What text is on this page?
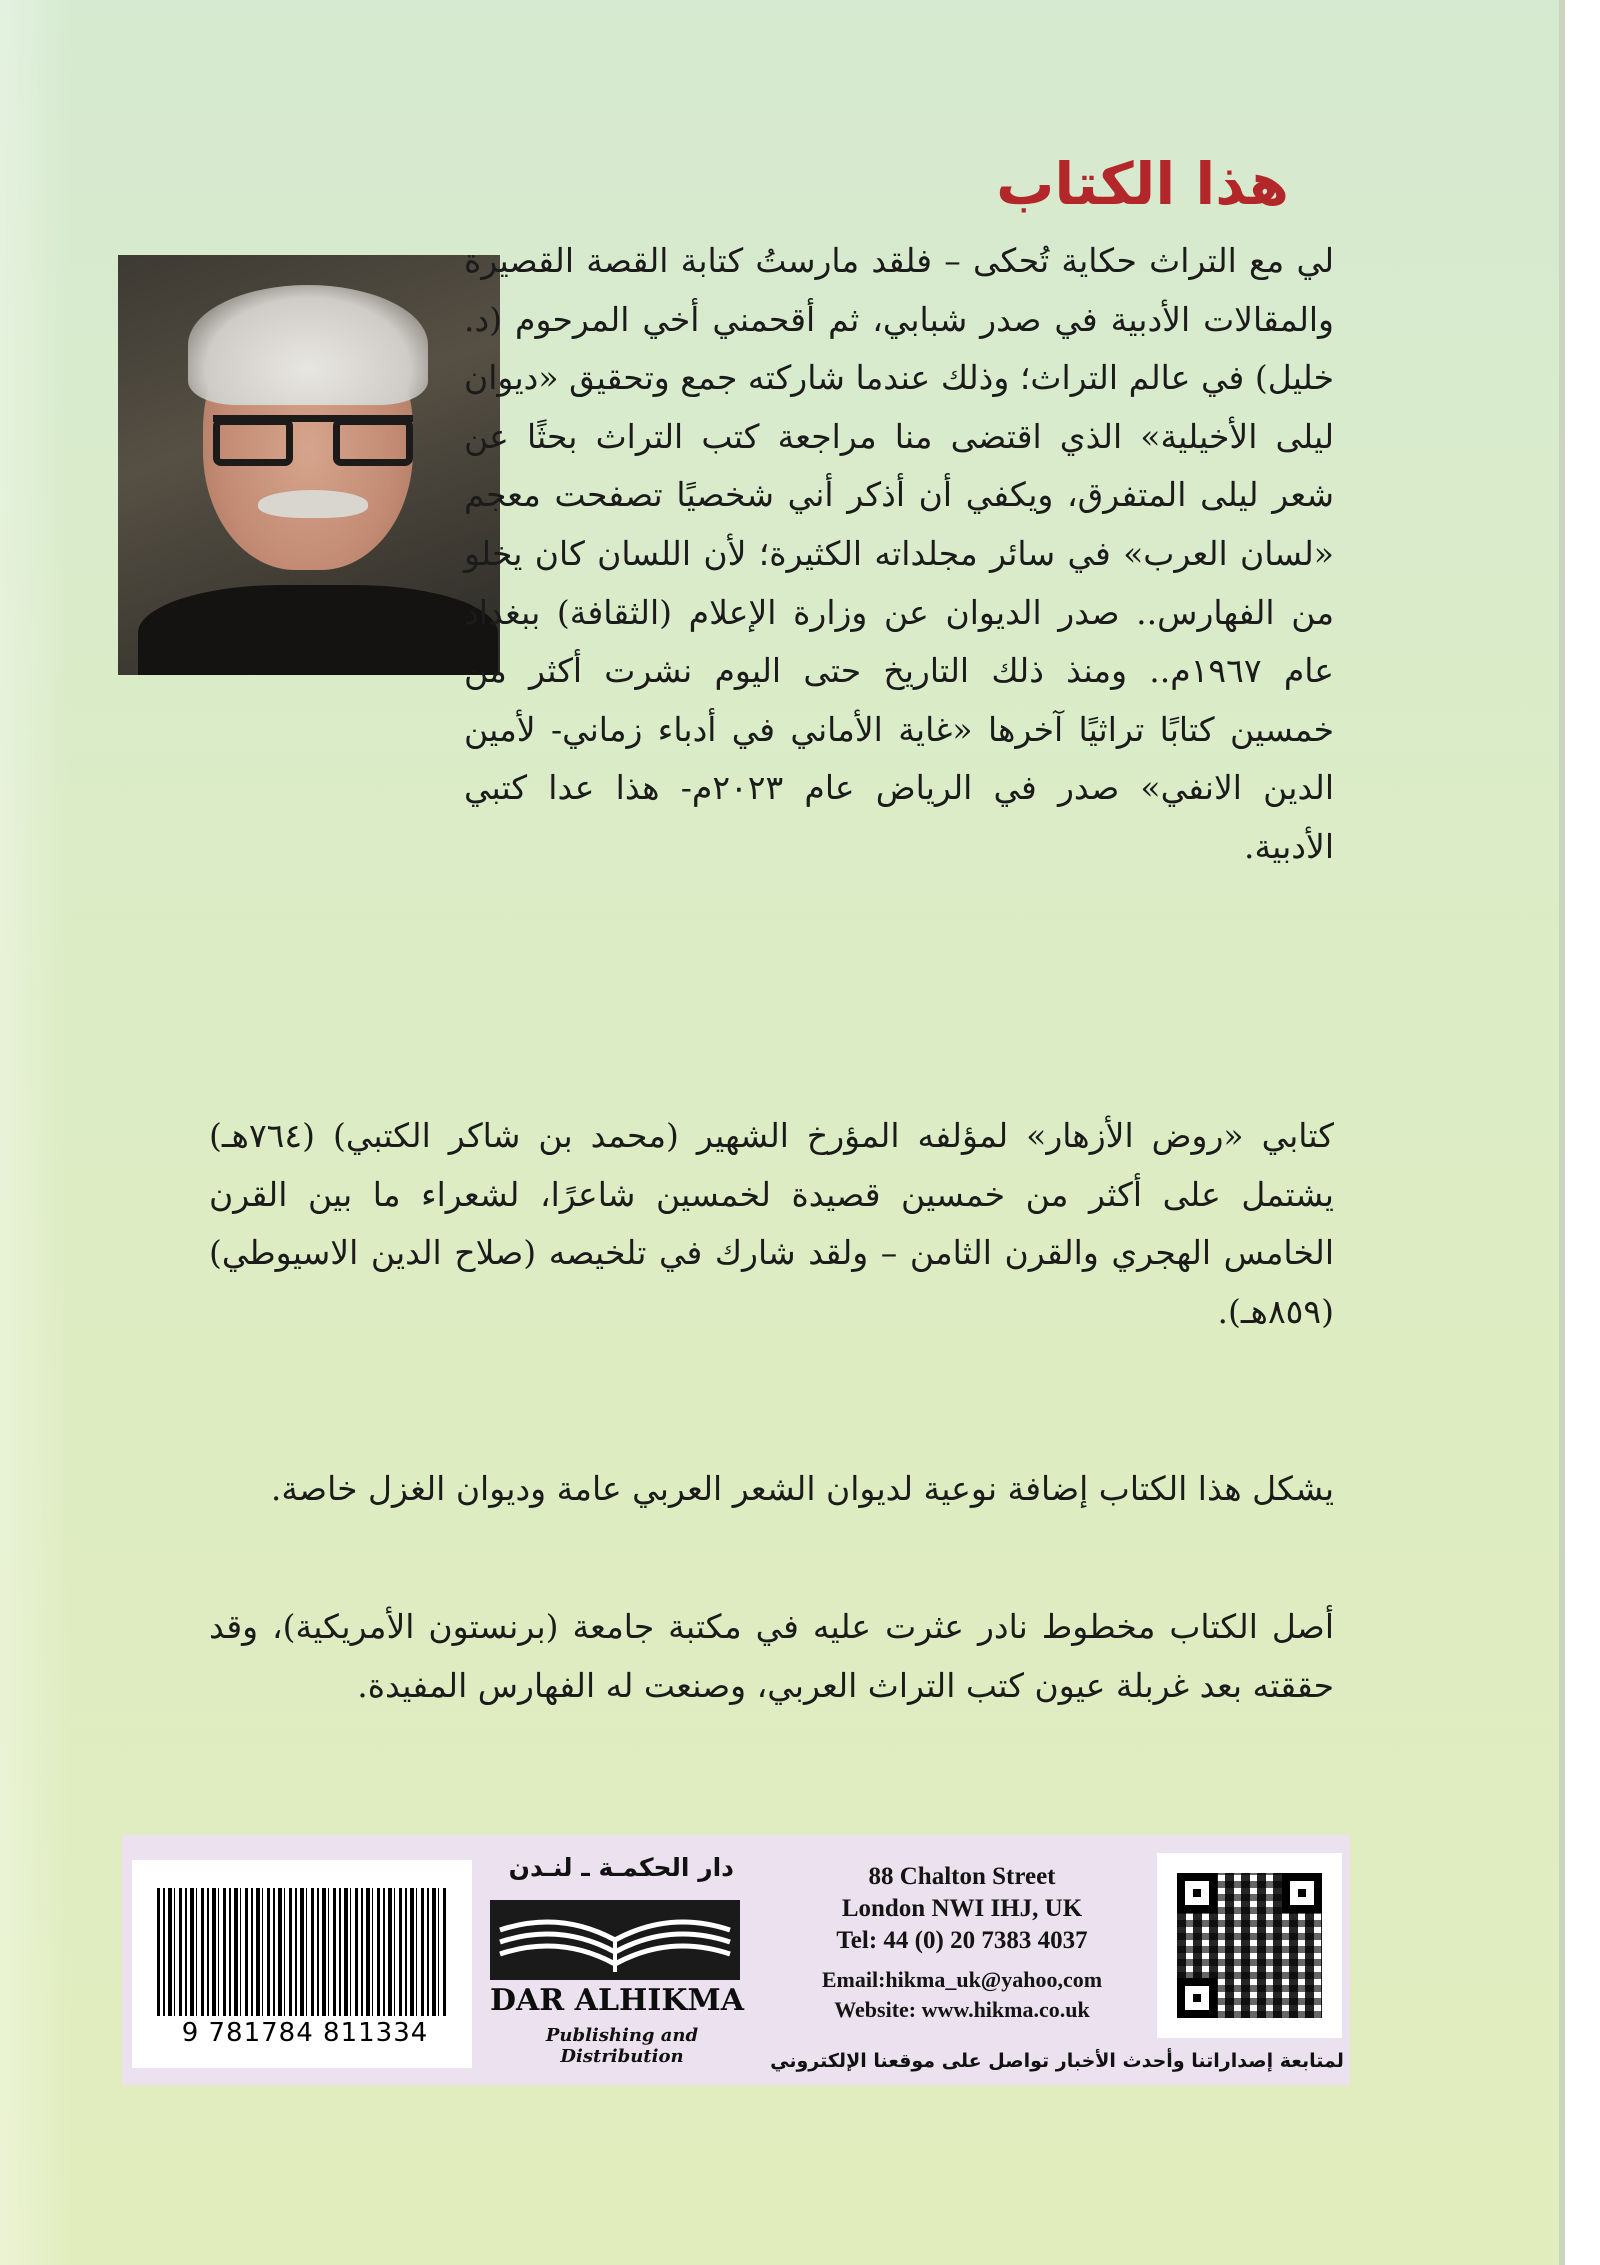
هذا الكتاب

لي مع التراث حكاية تُحكى – فلقد مارستُ كتابة القصة القصيرة والمقالات الأدبية في صدر شبابي، ثم أقحمني أخي المرحوم (د. خليل) في عالم التراث؛ وذلك عندما شاركته جمع وتحقيق «ديوان ليلى الأخيلية» الذي اقتضى منا مراجعة كتب التراث بحثًا عن شعر ليلى المتفرق، ويكفي أن أذكر أني شخصيًا تصفحت معجم «لسان العرب» في سائر مجلداته الكثيرة؛ لأن اللسان كان يخلو من الفهارس.. صدر الديوان عن وزارة الإعلام (الثقافة) ببغداد عام ١٩٦٧م.. ومنذ ذلك التاريخ حتى اليوم نشرت أكثر من خمسين كتابًا تراثيًا آخرها «غاية الأماني في أدباء زماني- لأمين الدين الانفي» صدر في الرياض عام ٢٠٢٣م- هذا عدا كتبي الأدبية.

كتابي «روض الأزهار» لمؤلفه المؤرخ الشهير (محمد بن شاكر الكتبي) (٧٦٤هـ) يشتمل على أكثر من خمسين قصيدة لخمسين شاعرًا، لشعراء ما بين القرن الخامس الهجري والقرن الثامن – ولقد شارك في تلخيصه (صلاح الدين الاسيوطي) (٨٥٩هـ).

يشكل هذا الكتاب إضافة نوعية لديوان الشعر العربي عامة وديوان الغزل خاصة.

أصل الكتاب مخطوط نادر عثرت عليه في مكتبة جامعة (برنستون الأمريكية)، وقد حققته بعد غربلة عيون كتب التراث العربي، وصنعت له الفهارس المفيدة.

9 781784 811334
دار الحكمـة ـ لنـدن
DAR ALHIKMA
Publishing and Distribution
88 Chalton Street
London NWI IHJ, UK
Tel: 44 (0) 20 7383 4037
Email:hikma_uk@yahoo,com
Website: www.hikma.co.uk
لمتابعة إصداراتنا وأحدث الأخبار تواصل على موقعنا الإلكتروني
